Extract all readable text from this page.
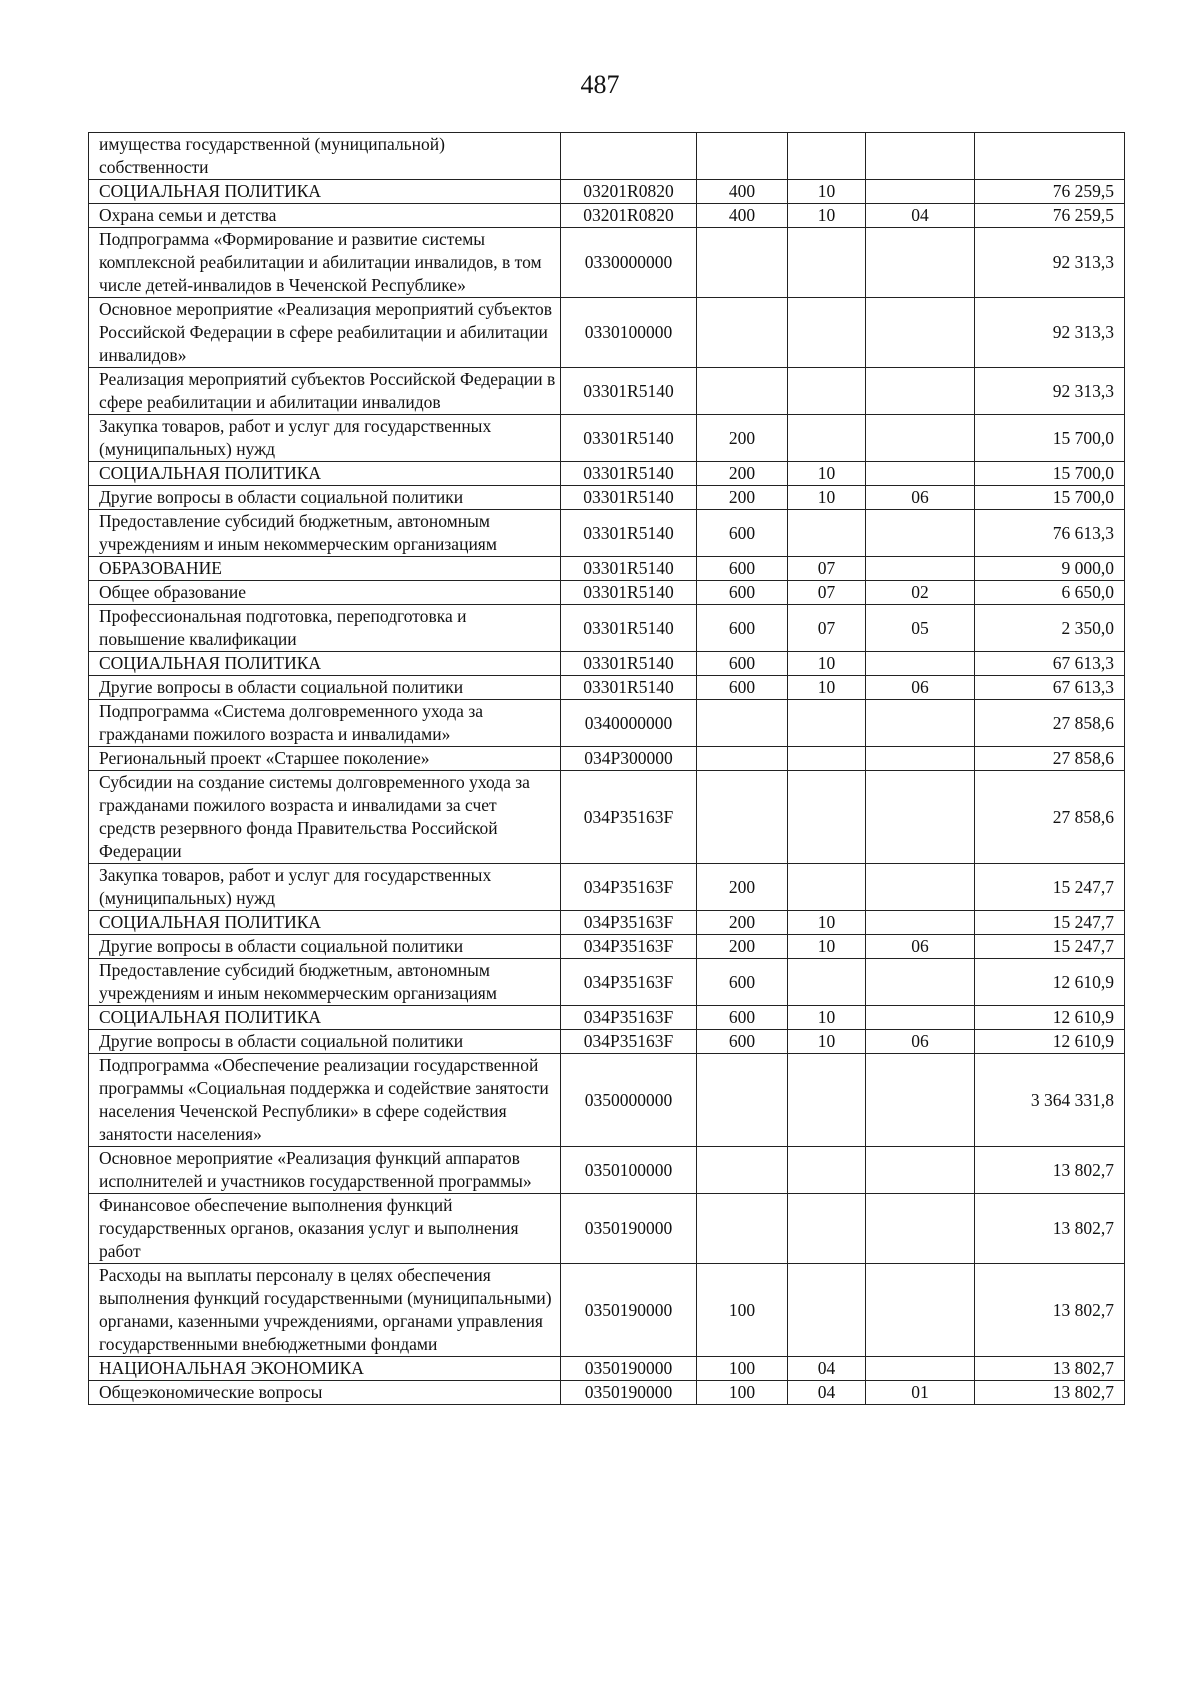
487
имущества государственной (муниципальной) собственности					
СОЦИАЛЬНАЯ ПОЛИТИКА	03201R0820	400	10		76 259,5
Охрана семьи и детства	03201R0820	400	10	04	76 259,5
Подпрограмма «Формирование и развитие системы комплексной реабилитации и абилитации инвалидов, в том числе детей-инвалидов в Чеченской Республике»	0330000000				92 313,3
Основное мероприятие «Реализация мероприятий субъектов Российской Федерации в сфере реабилитации и абилитации инвалидов»	0330100000				92 313,3
Реализация мероприятий субъектов Российской Федерации в сфере реабилитации и абилитации инвалидов	03301R5140				92 313,3
Закупка товаров, работ и услуг для государственных (муниципальных) нужд	03301R5140	200			15 700,0
СОЦИАЛЬНАЯ ПОЛИТИКА	03301R5140	200	10		15 700,0
Другие вопросы в области социальной политики	03301R5140	200	10	06	15 700,0
Предоставление субсидий бюджетным, автономным учреждениям и иным некоммерческим организациям	03301R5140	600			76 613,3
ОБРАЗОВАНИЕ	03301R5140	600	07		9 000,0
Общее образование	03301R5140	600	07	02	6 650,0
Профессиональная подготовка, переподготовка и повышение квалификации	03301R5140	600	07	05	2 350,0
СОЦИАЛЬНАЯ ПОЛИТИКА	03301R5140	600	10		67 613,3
Другие вопросы в области социальной политики	03301R5140	600	10	06	67 613,3
Подпрограмма «Система долговременного ухода за гражданами пожилого возраста и инвалидами»	0340000000				27 858,6
Региональный проект «Старшее поколение»	034P300000				27 858,6
Субсидии на создание системы долговременного ухода за гражданами пожилого возраста и инвалидами за счет средств резервного фонда Правительства Российской Федерации	034P35163F				27 858,6
Закупка товаров, работ и услуг для государственных (муниципальных) нужд	034P35163F	200			15 247,7
СОЦИАЛЬНАЯ ПОЛИТИКА	034P35163F	200	10		15 247,7
Другие вопросы в области социальной политики	034P35163F	200	10	06	15 247,7
Предоставление субсидий бюджетным, автономным учреждениям и иным некоммерческим организациям	034P35163F	600			12 610,9
СОЦИАЛЬНАЯ ПОЛИТИКА	034P35163F	600	10		12 610,9
Другие вопросы в области социальной политики	034P35163F	600	10	06	12 610,9
Подпрограмма «Обеспечение реализации государственной программы «Социальная поддержка и содействие занятости населения Чеченской Республики» в сфере содействия занятости населения»	0350000000				3 364 331,8
Основное мероприятие «Реализация функций аппаратов исполнителей и участников государственной программы»	0350100000				13 802,7
Финансовое обеспечение выполнения функций государственных органов, оказания услуг и выполнения работ	0350190000				13 802,7
Расходы на выплаты персоналу в целях обеспечения выполнения функций государственными (муниципальными) органами, казенными учреждениями, органами управления государственными внебюджетными фондами	0350190000	100			13 802,7
НАЦИОНАЛЬНАЯ ЭКОНОМИКА	0350190000	100	04		13 802,7
Общеэкономические вопросы	0350190000	100	04	01	13 802,7
